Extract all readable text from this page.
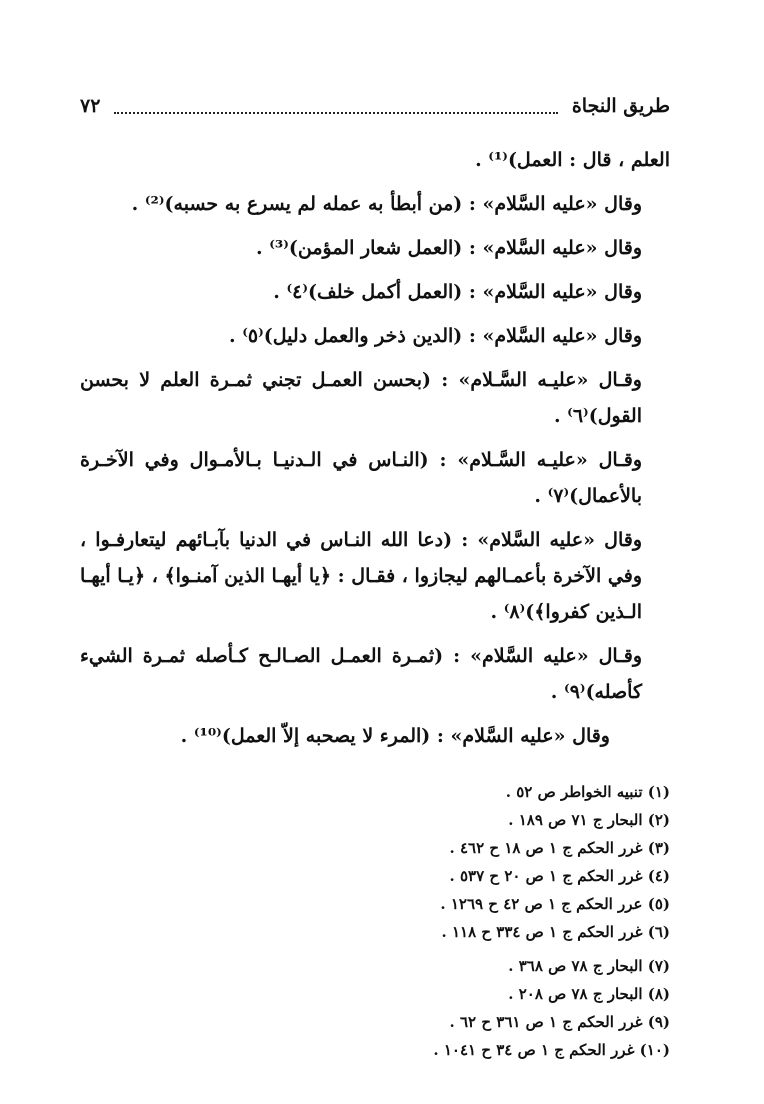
طريق النجاة
٧٢

العلم ، قال : العمل)⁽¹⁾ .

وقال «عليه السَّلام» : (من أبطأ به عمله لم يسرع به حسبه)⁽²⁾ .

وقال «عليه السَّلام» : (العمل شعار المؤمن)⁽³⁾ .

وقال «عليه السَّلام» : (العمل أكمل خلف)⁽٤⁾ .

وقال «عليه السَّلام» : (الدين ذخر والعمل دليل)⁽٥⁾ .

وقـال «عليـه السَّـلام» : (بحسن العمـل تجني ثمـرة العلم لا بحسن القول)⁽٦⁾ .

وقـال «عليـه السَّـلام» : (النـاس في الـدنيـا بـالأمـوال وفي الآخـرة بالأعمال)⁽٧⁾ .

وقال «عليه السَّلام» : (دعا الله النـاس في الدنيا بآبـائهم ليتعارفـوا ، وفي الآخرة بأعمـالهم ليجازوا ، فقـال : ﴿يا أيهـا الذين آمنـوا﴾ ، ﴿يـا أيهـا الـذين كفروا﴾)⁽٨⁾ .

وقـال «عليه السَّلام» : (ثمـرة العمـل الصـالـح كـأصله ثمـرة الشيء كأصله)⁽٩⁾ .

وقال «عليه السَّلام» : (المرء لا يصحبه إلاّ العمل)⁽¹⁰⁾ .

(١) تنبيه الخواطر ص ٥٢ .
(٢) البحار ج ٧١ ص ١٨٩ .
(٣) غرر الحكم ج ١ ص ١٨ ح ٤٦٢ .
(٤) غرر الحكم ج ١ ص ٢٠ ح ٥٣٧ .
(٥) عرر الحكم ج ١ ص ٤٢ ح ١٢٦٩ .
(٦) غرر الحكم ج ١ ص ٣٣٤ ح ١١٨ .
(٧) البحار ج ٧٨ ص ٣٦٨ .
(٨) البحار ج ٧٨ ص ٢٠٨ .
(٩) غرر الحكم ج ١ ص ٣٦١ ح ٦٢ .
(١٠) غرر الحكم ج ١ ص ٣٤ ح ١٠٤١ .
